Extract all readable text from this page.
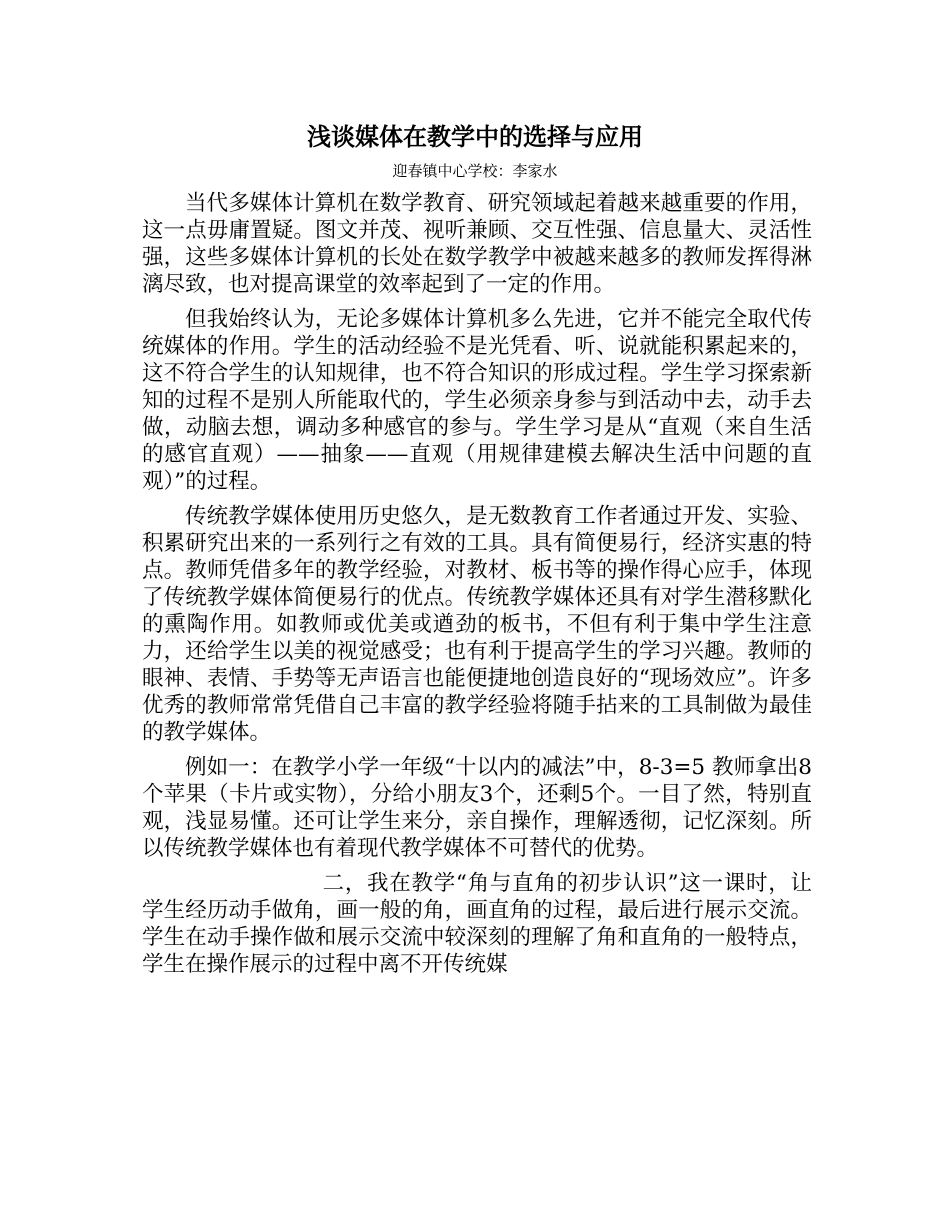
浅谈媒体在教学中的选择与应用
迎春镇中心学校：李家水

当代多媒体计算机在数学教育、研究领域起着越来越重要的作用，这一点毋庸置疑。图文并茂、视听兼顾、交互性强、信息量大、灵活性强，这些多媒体计算机的长处在数学教学中被越来越多的教师发挥得淋漓尽致，也对提高课堂的效率起到了一定的作用。

但我始终认为，无论多媒体计算机多么先进，它并不能完全取代传统媒体的作用。学生的活动经验不是光凭看、听、说就能积累起来的，这不符合学生的认知规律，也不符合知识的形成过程。学生学习探索新知的过程不是别人所能取代的，学生必须亲身参与到活动中去，动手去做，动脑去想，调动多种感官的参与。学生学习是从“直观（来自生活的感官直观）——抽象——直观（用规律建模去解决生活中问题的直观）”的过程。

传统教学媒体使用历史悠久，是无数教育工作者通过开发、实验、积累研究出来的一系列行之有效的工具。具有简便易行，经济实惠的特点。教师凭借多年的教学经验，对教材、板书等的操作得心应手，体现了传统教学媒体简便易行的优点。传统教学媒体还具有对学生潜移默化的熏陶作用。如教师或优美或遒劲的板书，不但有利于集中学生注意力，还给学生以美的视觉感受；也有利于提高学生的学习兴趣。教师的眼神、表情、手势等无声语言也能便捷地创造良好的“现场效应”。许多优秀的教师常常凭借自己丰富的教学经验将随手拈来的工具制做为最佳的教学媒体。

例如一：在教学小学一年级“十以内的减法”中，8-3=5 教师拿出8个苹果（卡片或实物），分给小朋友3个，还剩5个。一目了然，特别直观，浅显易懂。还可让学生来分，亲自操作，理解透彻，记忆深刻。所以传统教学媒体也有着现代教学媒体不可替代的优势。

二，我在教学“角与直角的初步认识”这一课时，让学生经历动手做角，画一般的角，画直角的过程，最后进行展示交流。学生在动手操作做和展示交流中较深刻的理解了角和直角的一般特点，学生在操作展示的过程中离不开传统媒
